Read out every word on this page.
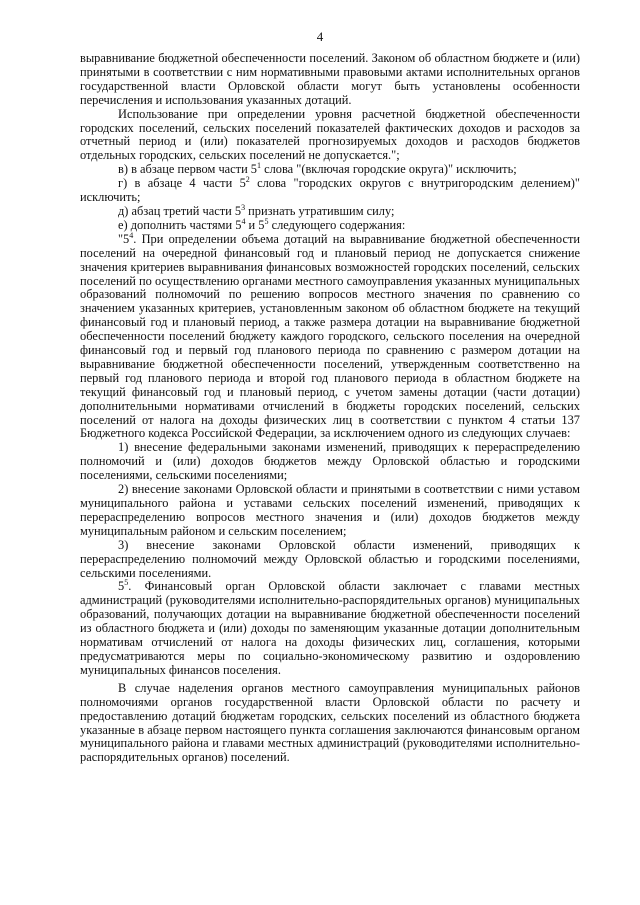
4

выравнивание бюджетной обеспеченности поселений. Законом об областном бюджете и (или) принятыми в соответствии с ним нормативными правовыми актами исполнительных органов государственной власти Орловской области могут быть установлены особенности перечисления и использования указанных дотаций.

Использование при определении уровня расчетной бюджетной обеспеченности городских поселений, сельских поселений показателей фактических доходов и расходов за отчетный период и (или) показателей прогнозируемых доходов и расходов бюджетов отдельных городских, сельских поселений не допускается.";

в) в абзаце первом части $5^1$ слова "(включая городские округа)" исключить;

г) в абзаце 4 части $5^2$ слова "городских округов с внутригородским делением)" исключить;

д) абзац третий части $5^3$ признать утратившим силу;

е) дополнить частями $5^4$ и $5^5$ следующего содержания:

"$5^4$. При определении объема дотаций на выравнивание бюджетной обеспеченности поселений на очередной финансовый год и плановый период не допускается снижение значения критериев выравнивания финансовых возможностей городских поселений, сельских поселений по осуществлению органами местного самоуправления указанных муниципальных образований полномочий по решению вопросов местного значения по сравнению со значением указанных критериев, установленным законом об областном бюджете на текущий финансовый год и плановый период, а также размера дотации на выравнивание бюджетной обеспеченности поселений бюджету каждого городского, сельского поселения на очередной финансовый год и первый год планового периода по сравнению с размером дотации на выравнивание бюджетной обеспеченности поселений, утвержденным соответственно на первый год планового периода и второй год планового периода в областном бюджете на текущий финансовый год и плановый период, с учетом замены дотации (части дотации) дополнительными нормативами отчислений в бюджеты городских поселений, сельских поселений от налога на доходы физических лиц в соответствии с пунктом 4 статьи 137 Бюджетного кодекса Российской Федерации, за исключением одного из следующих случаев:

1) внесение федеральными законами изменений, приводящих к перераспределению полномочий и (или) доходов бюджетов между Орловской областью и городскими поселениями, сельскими поселениями;

2) внесение законами Орловской области и принятыми в соответствии с ними уставом муниципального района и уставами сельских поселений изменений, приводящих к перераспределению вопросов местного значения и (или) доходов бюджетов между муниципальным районом и сельским поселением;

3) внесение законами Орловской области изменений, приводящих к перераспределению полномочий между Орловской областью и городскими поселениями, сельскими поселениями.

$5^5$. Финансовый орган Орловской области заключает с главами местных администраций (руководителями исполнительно-распорядительных органов) муниципальных образований, получающих дотации на выравнивание бюджетной обеспеченности поселений из областного бюджета и (или) доходы по заменяющим указанные дотации дополнительным нормативам отчислений от налога на доходы физических лиц, соглашения, которыми предусматриваются меры по социально-экономическому развитию и оздоровлению муниципальных финансов поселения.

В случае наделения органов местного самоуправления муниципальных районов полномочиями органов государственной власти Орловской области по расчету и предоставлению дотаций бюджетам городских, сельских поселений из областного бюджета указанные в абзаце первом настоящего пункта соглашения заключаются финансовым органом муниципального района и главами местных администраций (руководителями исполнительно-распорядительных органов) поселений.
